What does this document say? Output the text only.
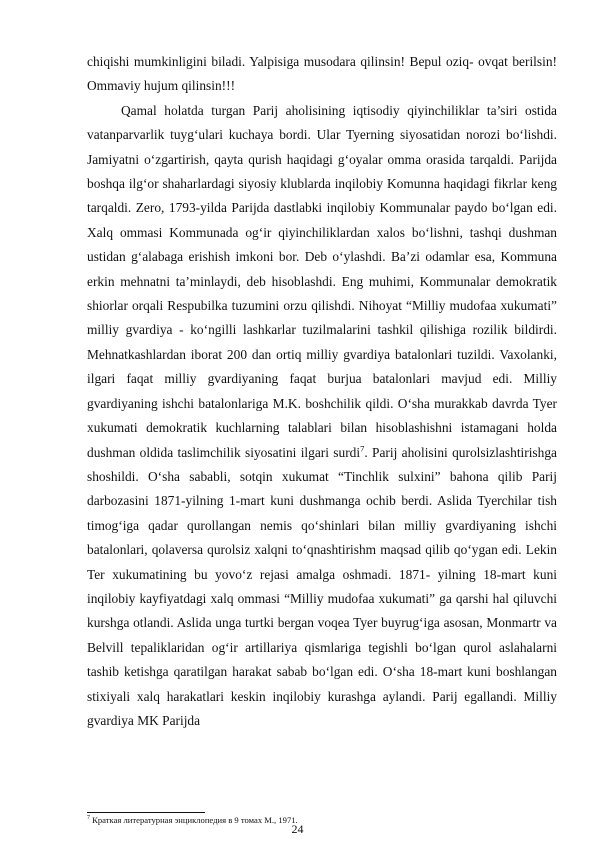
chiqishi mumkinligini biladi. Yalpisiga musodara qilinsin! Bepul oziq- ovqat berilsin! Ommaviy hujum qilinsin!!!

Qamal holatda turgan Parij aholisining iqtisodiy qiyinchiliklar ta’siri ostida vatanparvarlik tuyg‘ulari kuchaya bordi. Ular Tyerning siyosatidan norozi bo‘lishdi. Jamiyatni o‘zgartirish, qayta qurish haqidagi g‘oyalar omma orasida tarqaldi. Parijda boshqa ilg‘or shaharlardagi siyosiy klublarda inqilobiy Komunna haqidagi fikrlar keng tarqaldi. Zero, 1793-yilda Parijda dastlabki inqilobiy Kommunalar paydo bo‘lgan edi. Xalq ommasi Kommunada og‘ir qiyinchiliklardan xalos bo‘lishni, tashqi dushman ustidan g‘alabaga erishish imkoni bor. Deb o‘ylashdi. Ba’zi odamlar esa, Kommuna erkin mehnatni ta’minlaydi, deb hisoblashdi. Eng muhimi, Kommunalar demokratik shiorlar orqali Respubilka tuzumini orzu qilishdi. Nihoyat “Milliy mudofaa xukumati” milliy gvardiya - ko‘ngilli lashkarlar tuzilmalarini tashkil qilishiga rozilik bildirdi. Mehnatkashlardan iborat 200 dan ortiq milliy gvardiya batalonlari tuzildi. Vaxolanki, ilgari faqat milliy gvardiyaning faqat burjua batalonlari mavjud edi. Milliy gvardiyaning ishchi batalonlariga M.K. boshchilik qildi. O‘sha murakkab davrda Tyer xukumati demokratik kuchlarning talablari bilan hisoblashishni istamagani holda dushman oldida taslimchilik siyosatini ilgari surdi$^7$. Parij aholisini qurolsizlashtirishga shoshildi. O‘sha sababli, sotqin xukumat “Tinchlik sulxini” bahona qilib Parij darbozasini 1871-yilning 1-mart kuni dushmanga ochib berdi. Aslida Tyerchilar tish timog‘iga qadar qurollangan nemis qo‘shinlari bilan milliy gvardiyaning ishchi batalonlari, qolaversa qurolsiz xalqni to‘qnashtirishm maqsad qilib qo‘ygan edi. Lekin Ter xukumatining bu yovo‘z rejasi amalga oshmadi. 1871- yilning 18-mart kuni inqilobiy kayfiyatdagi xalq ommasi “Milliy mudofaa xukumati” ga qarshi hal qiluvchi kurshga otlandi. Aslida unga turtki bergan voqea Tyer buyrug‘iga asosan, Monmartr va Belvill tepaliklaridan og‘ir artillariya qismlariga tegishli bo‘lgan qurol aslahalarni tashib ketishga qaratilgan harakat sabab bo‘lgan edi. O‘sha 18-mart kuni boshlangan stixiyali xalq harakatlari keskin inqilobiy kurashga aylandi. Parij egallandi. Milliy gvardiya MK Parijda

$^7$ Краткая литературная энциклопедия в 9 томах М., 1971.
24
